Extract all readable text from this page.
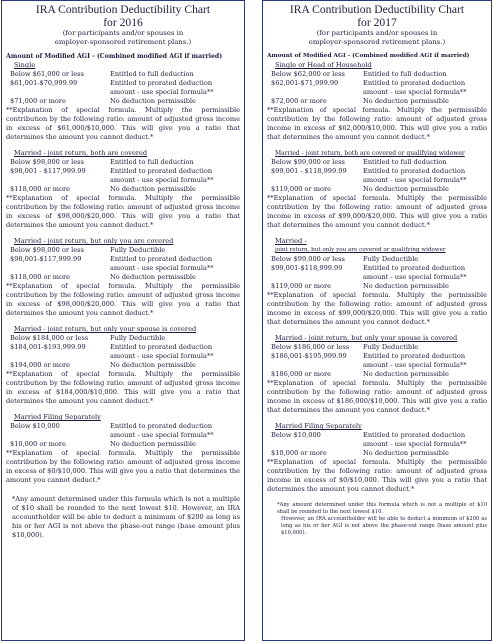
IRA Contribution Deductibility Chart
for 2016
(for participants and/or spouses in
employer-sponsored retirement plans.)
Amount of Modified AGI - (Combined modified AGI if married)
Single
Below $61,000 or less	Entitled to full deduction
$61,001-$70,999.99	Entitled to prorated deduction
amount - use special formula**
$71,000 or more	No deduction permissible
**Explanation of special formula. Multiply the permissible contribution by the following ratio: amount of adjusted gross income in excess of $61,000/$10,000. This will give you a ratio that determines the amount you cannot deduct.*
Married - joint return, both are covered
Below $98,000 or less	Entitled to full deduction
$98,001 - $117,999.99	Entitled to prorated deduction
amount - use special formula**
$118,000 or more	No deduction permissible
**Explanation of special formula. Multiply the permissible contribution by the following ratio: amount of adjusted gross income in excess of $98,000/$20,000. This will give you a ratio that determines the amount you cannot deduct.*
Married - joint return, but only you are covered
Below $98,000 or less	Fully Deductible
$98,001-$117,999.99	Entitled to prorated deduction
amount - use special formula**
$118,000 or more	No deduction permissible
**Explanation of special formula. Multiply the permissible contribution by the following ratio: amount of adjusted gross income in excess of $98,000/$20,000. This will give you a ratio that determines the amount you cannot deduct.*
Married - joint return, but only your spouse is covered
Below $184,000 or less	Fully Deductible
$184,001-$193,999.99	Entitled to prorated deduction
amount - use special formula**
$194,000 or more	No deduction permissible
**Explanation of special formula. Multiply the permissible contribution by the following ratio: amount of adjusted gross income in excess of $184,000/$10,000. This will give you a ratio that determines the amount you cannot deduct.*
Married Filing Separately
Below $10,000	Entitled to prorated deduction
amount - use special formula**
$10,000 or more	No deduction permissible
**Explanation of special formula. Multiply the permissible contribution by the following ratio: amount of adjusted gross income in excess of $0/$10,000. This will give you a ratio that determines the amount you cannot deduct.*
*Any amount determined under this formula which is not a multiple of $10 shall be rounded to the next lowest $10. However, an IRA accountholder will be able to deduct a minimum of $200 as long as his or her AGI is not above the phase-out range (base amount plus $10,000).
IRA Contribution Deductibility Chart
for 2017
(for participants and/or spouses in
employer-sponsored retirement plans.)
Amount of Modified AGI - (Combined modified AGI if married)
Single or Head of Household
Below $62,000 or less	Entitled to full deduction
$62,001-$71,999.99	Entitled to prorated deduction
amount - use special formula**
$72,000 or more	No deduction permissible
**Explanation of special formula. Multiply the permissible contribution by the following ratio: amount of adjusted gross income in excess of $62,000/$10,000. This will give you a ratio that determines the amount you cannot deduct.*
Married - joint return, both are covered or qualifying widower
Below $99,000 or less	Entitled to full deduction
$99,001 - $118,999.99	Entitled to prorated deduction
amount - use special formula**
$119,000 or more	No deduction permissible
**Explanation of special formula. Multiply the permissible contribution by the following ratio: amount of adjusted gross income in excess of $99,000/$20,000. This will give you a ratio that determines the amount you cannot deduct.*
Married -
joint return, but only you are covered or qualifying widower
Below $99,000 or less	Fully Deductible
$99,001-$118,999.99	Entitled to prorated deduction
amount - use special formula**
$119,000 or more	No deduction permissible
**Explanation of special formula. Multiply the permissible contribution by the following ratio: amount of adjusted gross income in excess of $99,000/$20,000. This will give you a ratio that determines the amount you cannot deduct.*
Married - joint return, but only your spouse is covered
Below $186,000 or less	Fully Deductible
$186,001-$195,999.99	Entitled to prorated deduction
amount - use special formula**
$186,000 or more	No deduction permissible
**Explanation of special formula. Multiply the permissible contribution by the following ratio: amount of adjusted gross income in excess of $186,000/$10,000. This will give you a ratio that determines the amount you cannot deduct.*
Married Filing Separately
Below $10,000	Entitled to prorated deduction
amount - use special formula**
$10,000 or more	No deduction permissible
**Explanation of special formula. Multiply the permissible contribution by the following ratio: amount of adjusted gross income in excess of $0/$10,000. This will give you a ratio that determines the amount you cannot deduct.*
*Any amount determined under this formula which is not a multiple of $10 shall be rounded to the next lowest $10.
However, an IRA accountholder will be able to deduct a minimum of $200 as long as his or her AGI is not above the phase-out range (base amount plus $10,000).
